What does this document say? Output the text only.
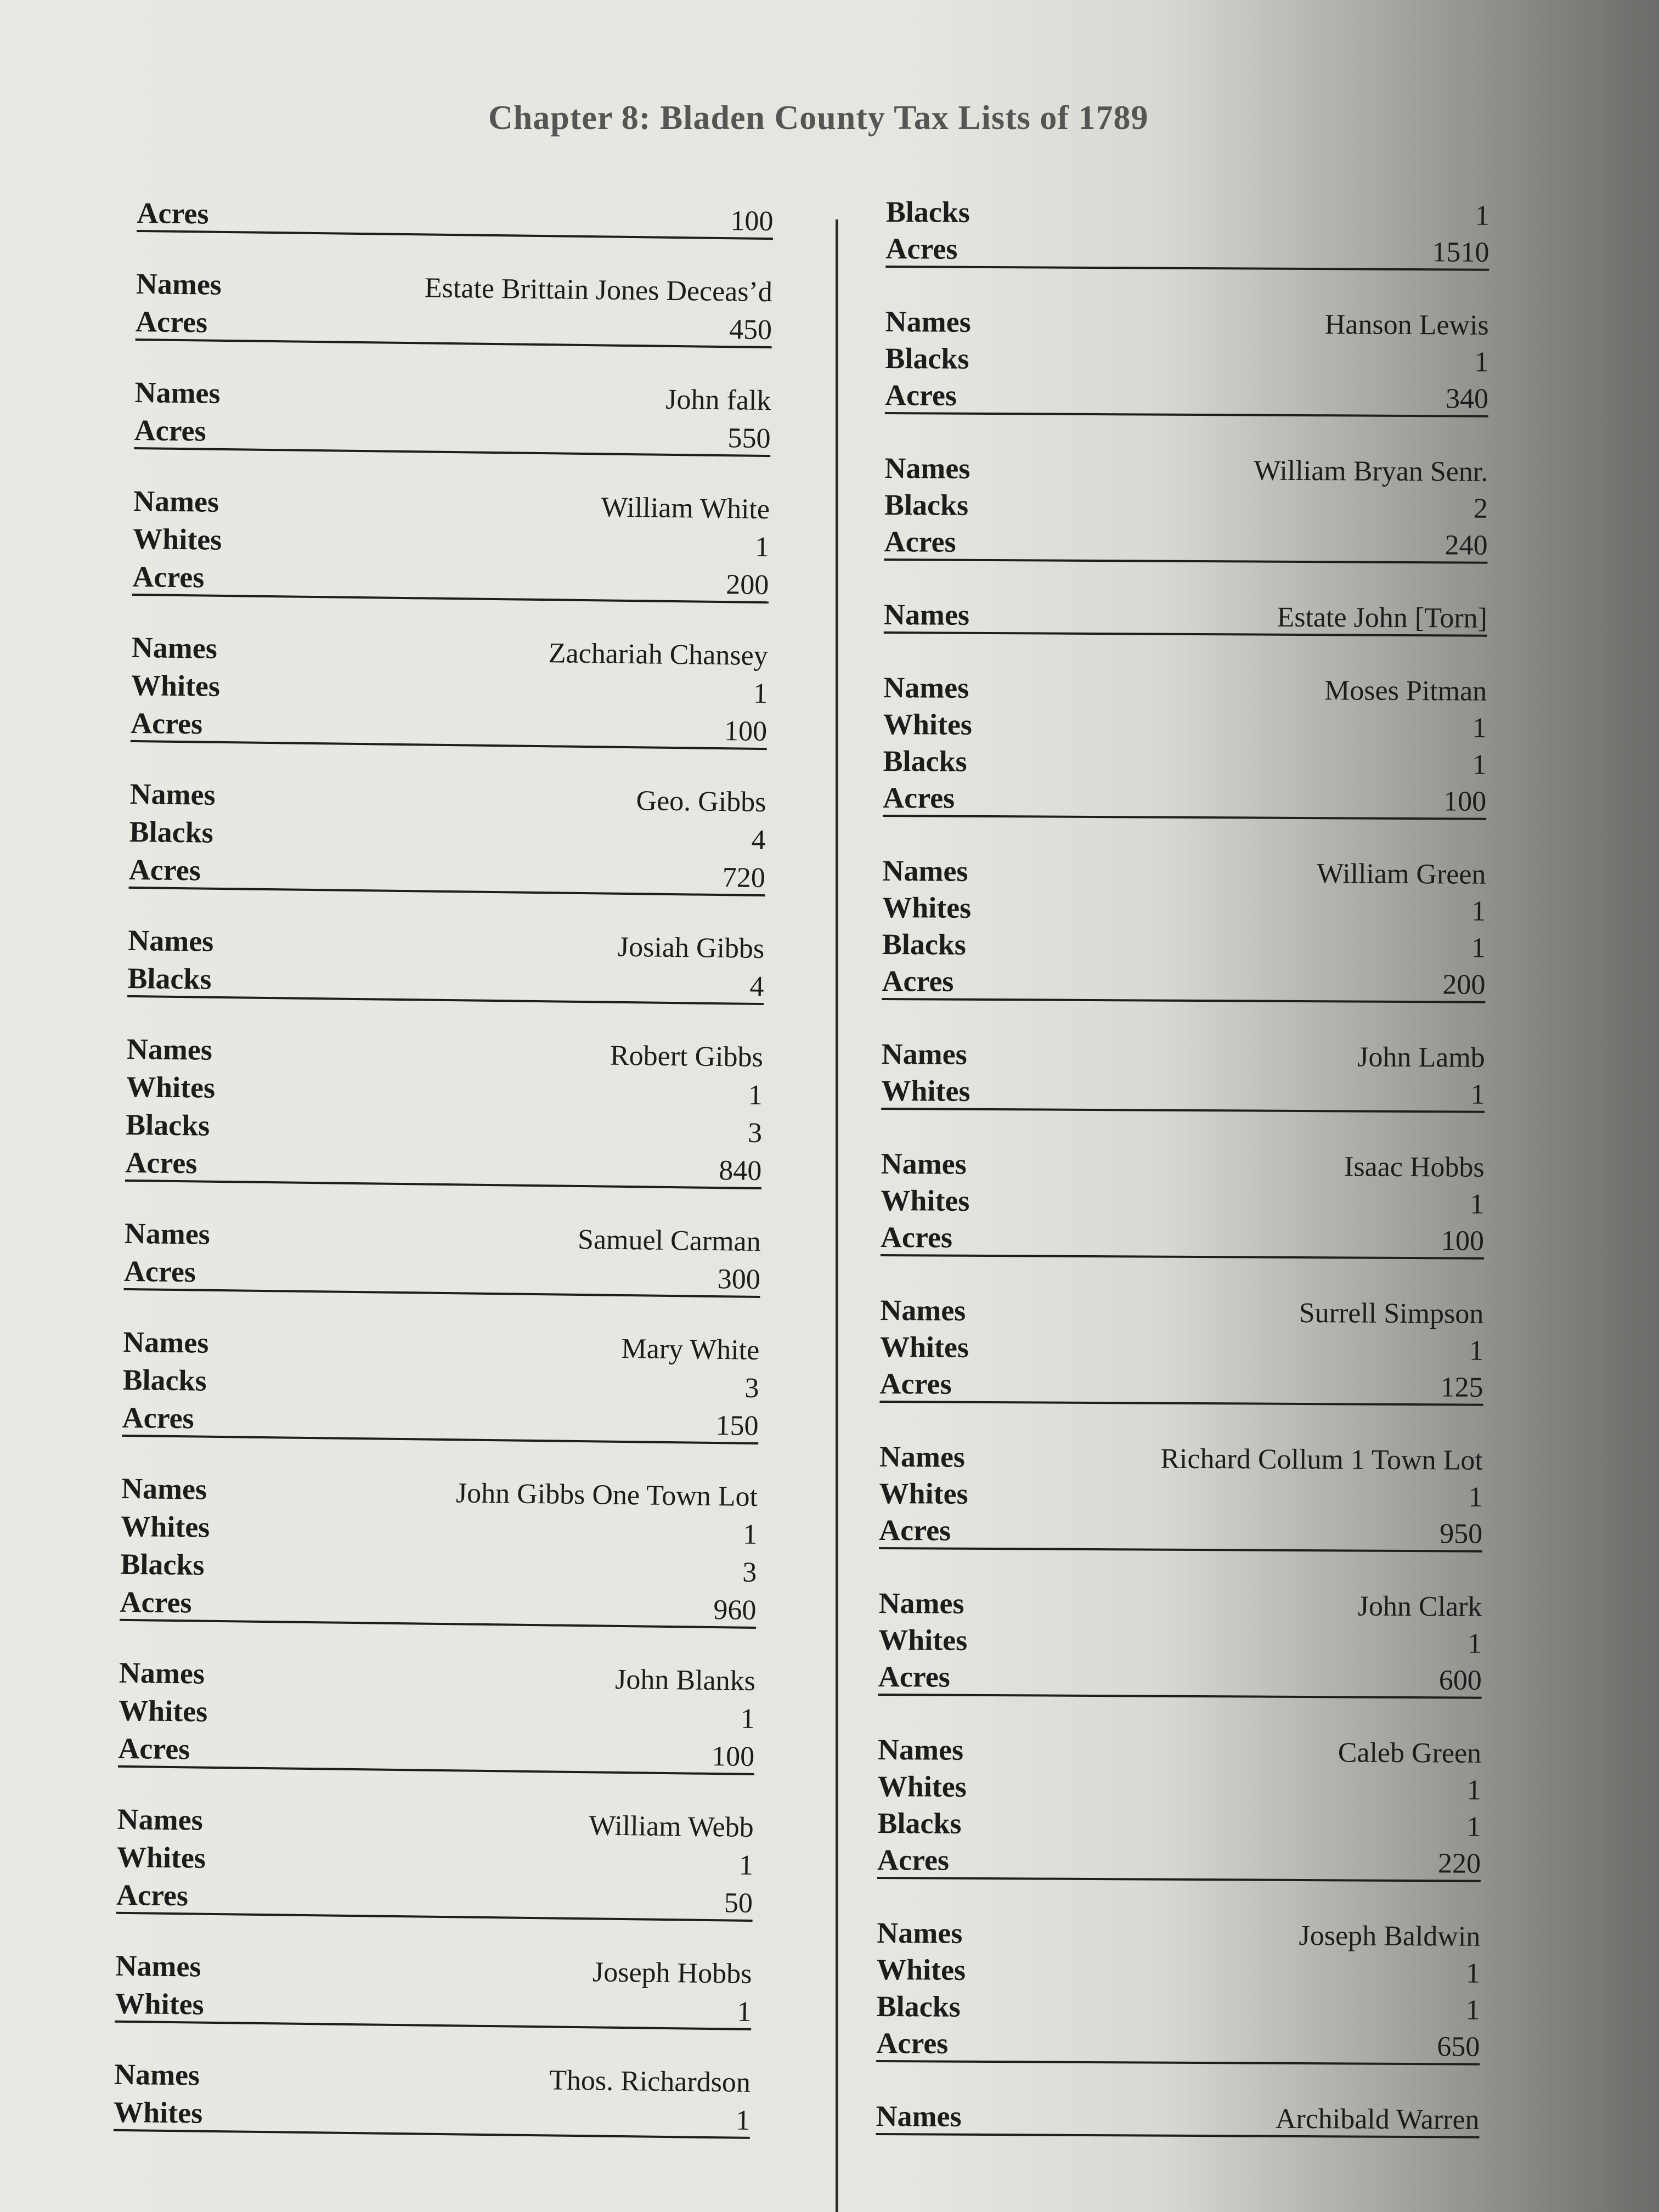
Chapter 8: Bladen County Tax Lists of 1789
Acres	100
Names	Estate Brittain Jones Deceas’d
Acres	450
Names	John falk
Acres	550
Names	William White
Whites	1
Acres	200
Names	Zachariah Chansey
Whites	1
Acres	100
Names	Geo. Gibbs
Blacks	4
Acres	720
Names	Josiah Gibbs
Blacks	4
Names	Robert Gibbs
Whites	1
Blacks	3
Acres	840
Names	Samuel Carman
Acres	300
Names	Mary White
Blacks	3
Acres	150
Names	John Gibbs One Town Lot
Whites	1
Blacks	3
Acres	960
Names	John Blanks
Whites	1
Acres	100
Names	William Webb
Whites	1
Acres	50
Names	Joseph Hobbs
Whites	1
Names	Thos. Richardson
Whites	1
Blacks	1
Acres	1510
Names	Hanson Lewis
Blacks	1
Acres	340
Names	William Bryan Senr.
Blacks	2
Acres	240
Names	Estate John [Torn]
Names	Moses Pitman
Whites	1
Blacks	1
Acres	100
Names	William Green
Whites	1
Blacks	1
Acres	200
Names	John Lamb
Whites	1
Names	Isaac Hobbs
Whites	1
Acres	100
Names	Surrell Simpson
Whites	1
Acres	125
Names	Richard Collum 1 Town Lot
Whites	1
Acres	950
Names	John Clark
Whites	1
Acres	600
Names	Caleb Green
Whites	1
Blacks	1
Acres	220
Names	Joseph Baldwin
Whites	1
Blacks	1
Acres	650
Names	Archibald Warren
